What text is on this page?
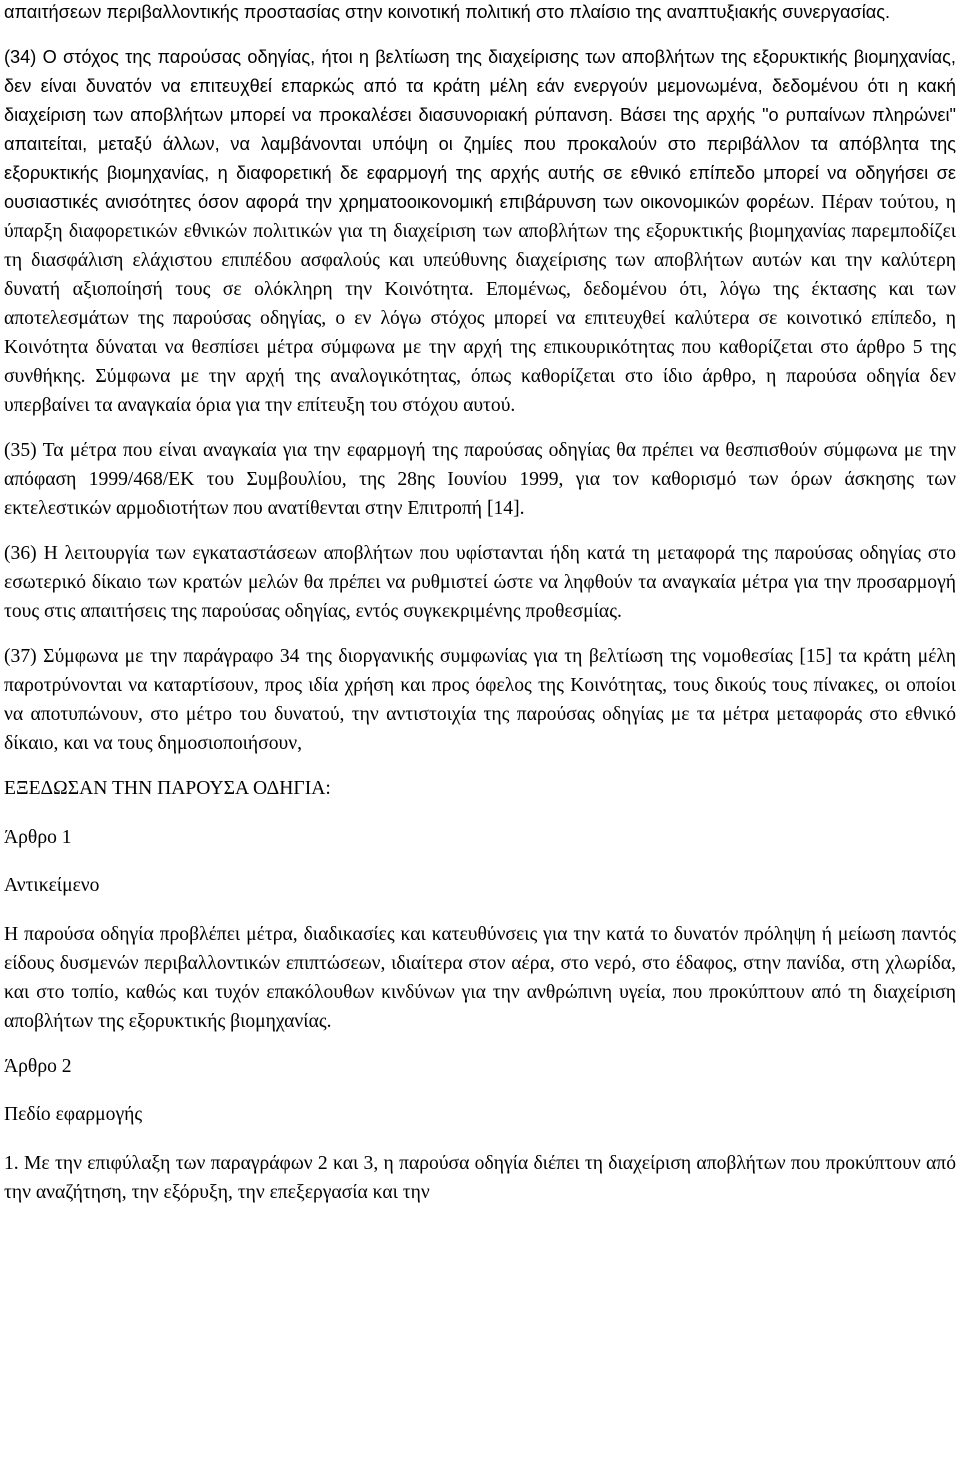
απαιτήσεων περιβαλλοντικής προστασίας στην κοινοτική πολιτική στο πλαίσιο της αναπτυξιακής συνεργασίας.

(34) Ο στόχος της παρούσας οδηγίας, ήτοι η βελτίωση της διαχείρισης των αποβλήτων της εξορυκτικής βιομηχανίας, δεν είναι δυνατόν να επιτευχθεί επαρκώς από τα κράτη μέλη εάν ενεργούν μεμονωμένα, δεδομένου ότι η κακή διαχείριση των αποβλήτων μπορεί να προκαλέσει διασυνοριακή ρύπανση. Βάσει της αρχής "ο ρυπαίνων πληρώνει" απαιτείται, μεταξύ άλλων, να λαμβάνονται υπόψη οι ζημίες που προκαλούν στο περιβάλλον τα απόβλητα της εξορυκτικής βιομηχανίας, η διαφορετική δε εφαρμογή της αρχής αυτής σε εθνικό επίπεδο μπορεί να οδηγήσει σε ουσιαστικές ανισότητες όσον αφορά την χρηματοοικονομική επιβάρυνση των οικονομικών φορέων. Πέραν τούτου, η ύπαρξη διαφορετικών εθνικών πολιτικών για τη διαχείριση των αποβλήτων της εξορυκτικής βιομηχανίας παρεμποδίζει τη διασφάλιση ελάχιστου επιπέδου ασφαλούς και υπεύθυνης διαχείρισης των αποβλήτων αυτών και την καλύτερη δυνατή αξιοποίησή τους σε ολόκληρη την Κοινότητα. Επομένως, δεδομένου ότι, λόγω της έκτασης και των αποτελεσμάτων της παρούσας οδηγίας, ο εν λόγω στόχος μπορεί να επιτευχθεί καλύτερα σε κοινοτικό επίπεδο, η Κοινότητα δύναται να θεσπίσει μέτρα σύμφωνα με την αρχή της επικουρικότητας που καθορίζεται στο άρθρο 5 της συνθήκης. Σύμφωνα με την αρχή της αναλογικότητας, όπως καθορίζεται στο ίδιο άρθρο, η παρούσα οδηγία δεν υπερβαίνει τα αναγκαία όρια για την επίτευξη του στόχου αυτού.

(35) Τα μέτρα που είναι αναγκαία για την εφαρμογή της παρούσας οδηγίας θα πρέπει να θεσπισθούν σύμφωνα με την απόφαση 1999/468/ΕΚ του Συμβουλίου, της 28ης Ιουνίου 1999, για τον καθορισμό των όρων άσκησης των εκτελεστικών αρμοδιοτήτων που ανατίθενται στην Επιτροπή [14].

(36) Η λειτουργία των εγκαταστάσεων αποβλήτων που υφίστανται ήδη κατά τη μεταφορά της παρούσας οδηγίας στο εσωτερικό δίκαιο των κρατών μελών θα πρέπει να ρυθμιστεί ώστε να ληφθούν τα αναγκαία μέτρα για την προσαρμογή τους στις απαιτήσεις της παρούσας οδηγίας, εντός συγκεκριμένης προθεσμίας.

(37) Σύμφωνα με την παράγραφο 34 της διοργανικής συμφωνίας για τη βελτίωση της νομοθεσίας [15] τα κράτη μέλη παροτρύνονται να καταρτίσουν, προς ιδία χρήση και προς όφελος της Κοινότητας, τους δικούς τους πίνακες, οι οποίοι να αποτυπώνουν, στο μέτρο του δυνατού, την αντιστοιχία της παρούσας οδηγίας με τα μέτρα μεταφοράς στο εθνικό δίκαιο, και να τους δημοσιοποιήσουν,

ΕΞΕΔΩΣΑΝ ΤΗΝ ΠΑΡΟΥΣΑ ΟΔΗΓΙΑ:

Άρθρο 1

Αντικείμενο

Η παρούσα οδηγία προβλέπει μέτρα, διαδικασίες και κατευθύνσεις για την κατά το δυνατόν πρόληψη ή μείωση παντός είδους δυσμενών περιβαλλοντικών επιπτώσεων, ιδιαίτερα στον αέρα, στο νερό, στο έδαφος, στην πανίδα, στη χλωρίδα, και στο τοπίο, καθώς και τυχόν επακόλουθων κινδύνων για την ανθρώπινη υγεία, που προκύπτουν από τη διαχείριση αποβλήτων της εξορυκτικής βιομηχανίας.

Άρθρο 2

Πεδίο εφαρμογής

1. Με την επιφύλαξη των παραγράφων 2 και 3, η παρούσα οδηγία διέπει τη διαχείριση αποβλήτων που προκύπτουν από την αναζήτηση, την εξόρυξη, την επεξεργασία και την
